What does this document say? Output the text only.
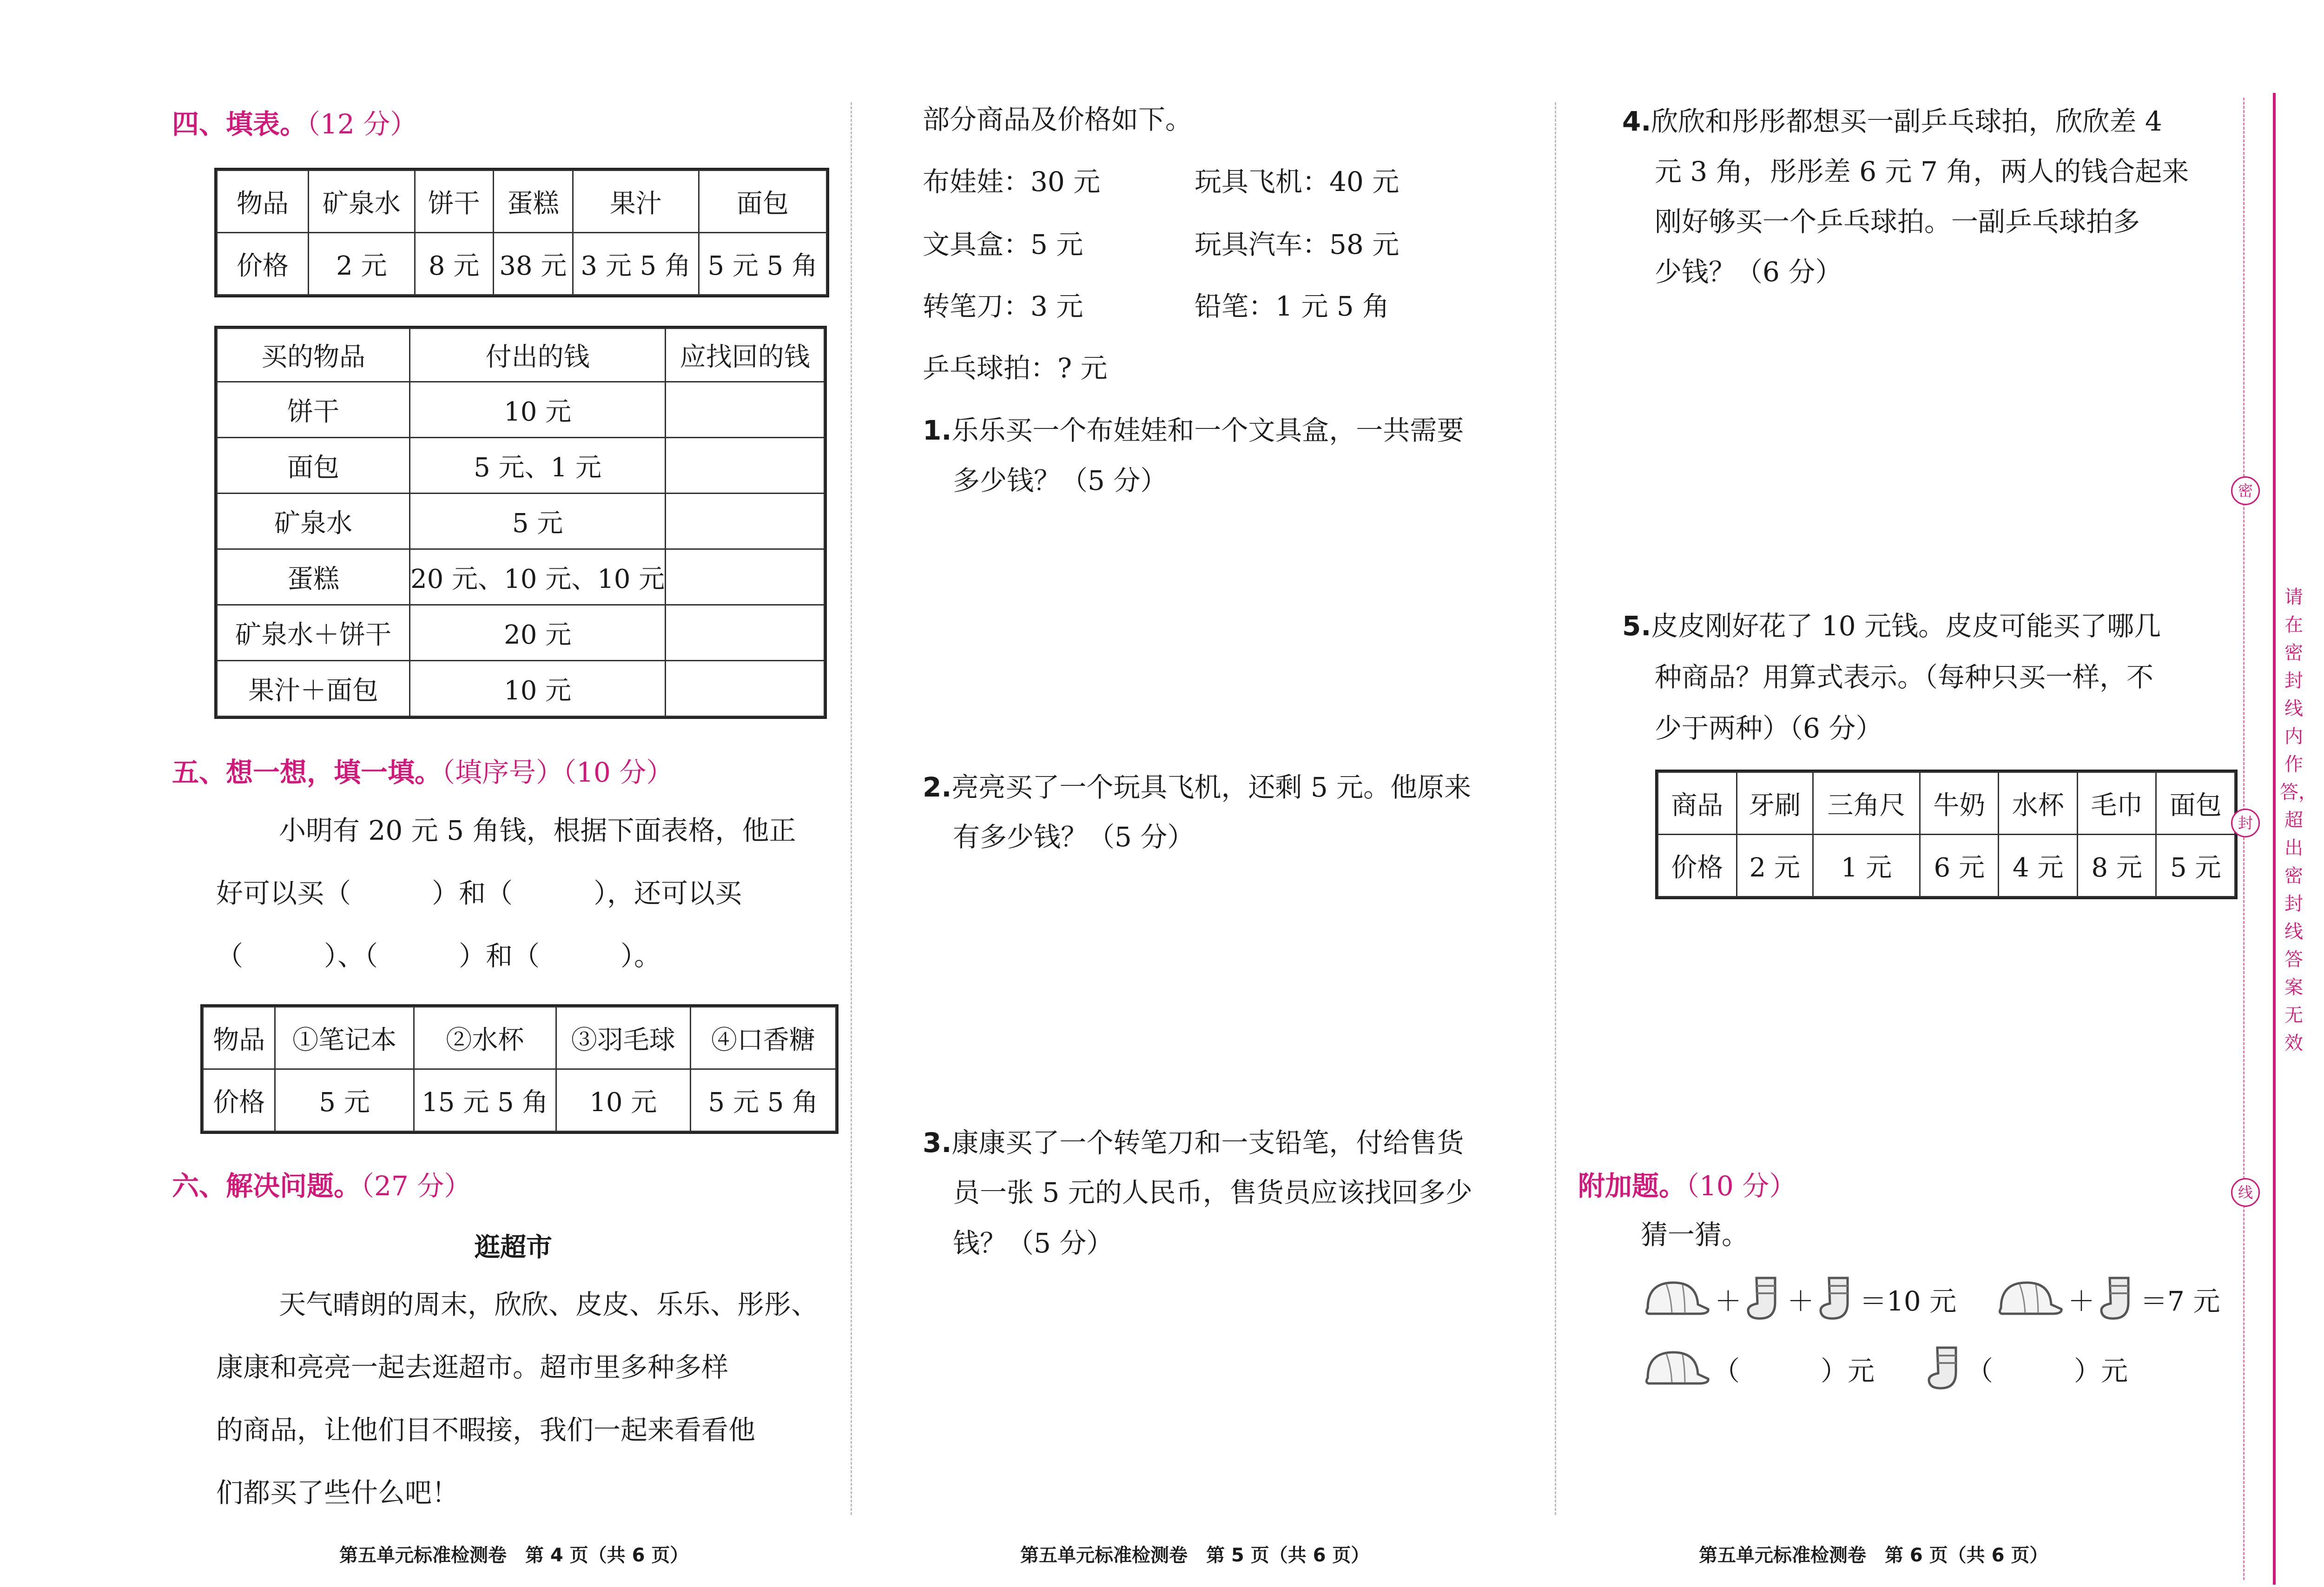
四、填表。（12 分）
物品	矿泉水	饼干	蛋糕	果汁	面包
价格	2 元	8 元	38 元	3 元 5 角	5 元 5 角
买的物品	付出的钱	应找回的钱
饼干	10 元	
面包	5 元、1 元	
矿泉水	5 元	
蛋糕	20 元、10 元、10 元	
矿泉水＋饼干	20 元	
果汁＋面包	10 元	
五、想一想，填一填。（填序号）（10 分）
小明有 20 元 5 角钱，根据下面表格，他正
好可以买（　　　）和（　　　），还可以买
（　　　）、（　　　）和（　　　）。
物品	①笔记本	②水杯	③羽毛球	④口香糖
价格	5 元	15 元 5 角	10 元	5 元 5 角
六、解决问题。（27 分）
逛超市
天气晴朗的周末，欣欣、皮皮、乐乐、彤彤、
康康和亮亮一起去逛超市。超市里多种多样
的商品，让他们目不暇接，我们一起来看看他
们都买了些什么吧！
第五单元标准检测卷　第 4 页（共 6 页）
部分商品及价格如下。
布娃娃：30 元
文具盒：5 元
转笔刀：3 元
乒乓球拍：? 元
玩具飞机：40 元
玩具汽车：58 元
铅笔：1 元 5 角
1.乐乐买一个布娃娃和一个文具盒，一共需要
多少钱？（5 分）
2.亮亮买了一个玩具飞机，还剩 5 元。他原来
有多少钱？（5 分）
3.康康买了一个转笔刀和一支铅笔，付给售货
员一张 5 元的人民币，售货员应该找回多少
钱？（5 分）
第五单元标准检测卷　第 5 页（共 6 页）
4.欣欣和彤彤都想买一副乒乓球拍，欣欣差 4
元 3 角，彤彤差 6 元 7 角，两人的钱合起来
刚好够买一个乒乓球拍。一副乒乓球拍多
少钱？（6 分）
5.皮皮刚好花了 10 元钱。皮皮可能买了哪几
种商品？用算式表示。（每种只买一样，不
少于两种）（6 分）
商品	牙刷	三角尺	牛奶	水杯	毛巾	面包
价格	2 元	1 元	6 元	4 元	8 元	5 元
附加题。（10 分）
猜一猜。
＋ ＋ ＝10 元	＋ ＝7 元
（　　　）元	（　　　）元
第五单元标准检测卷　第 6 页（共 6 页）
密
封
线
请在密封线内作答，超出密封线答案无效
